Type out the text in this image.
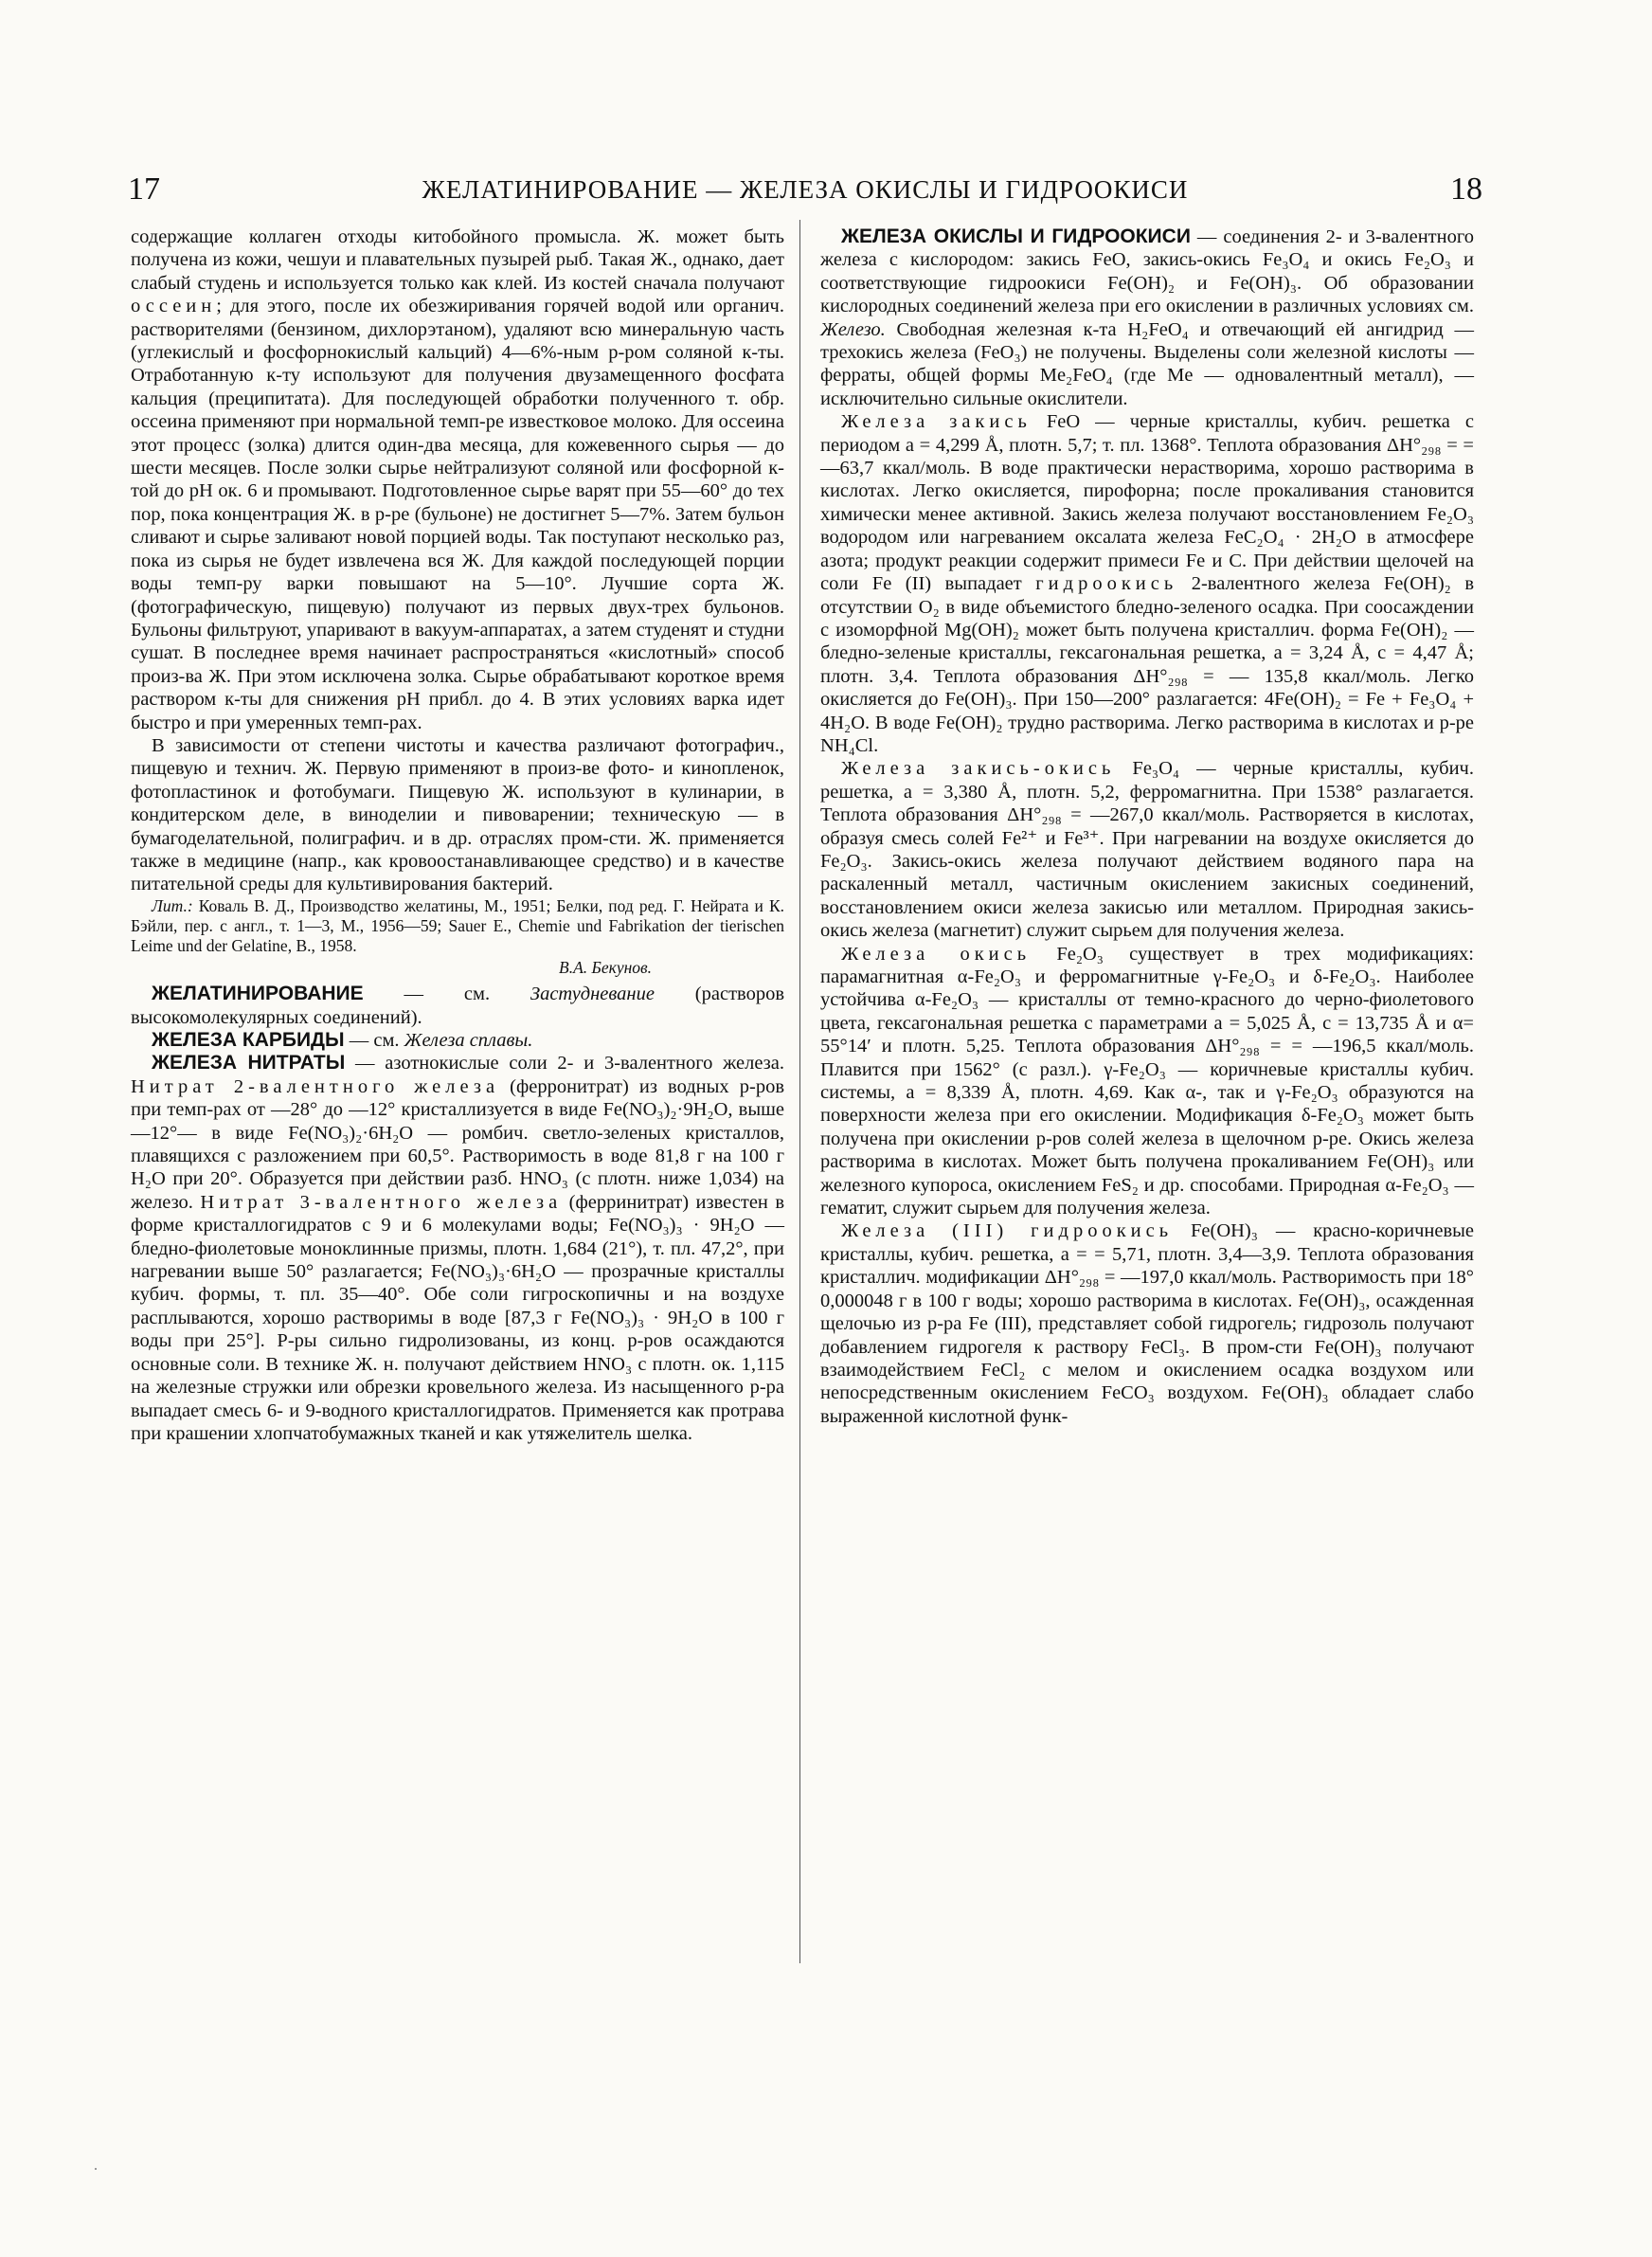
17	ЖЕЛАТИНИРОВАНИЕ — ЖЕЛЕЗА ОКИСЛЫ И ГИДРООКИСИ	18

содержащие коллаген отходы китобойного промысла. Ж. может быть получена из кожи, чешуи и плавательных пузырей рыб. Такая Ж., однако, дает слабый студень и используется только как клей. Из костей сначала получают оссеин; для этого, после их обезжиривания горячей водой или органич. растворителями (бензином, дихлорэтаном), удаляют всю минеральную часть (углекислый и фосфорнокислый кальций) 4—6%-ным р-ром соляной к-ты. Отработанную к-ту используют для получения двузамещенного фосфата кальция (преципитата). Для последующей обработки полученного т. обр. оссеина применяют при нормальной темп-ре известковое молоко. Для оссеина этот процесс (золка) длится один-два месяца, для кожевенного сырья — до шести месяцев. После золки сырье нейтрализуют соляной или фосфорной к-той до pH ок. 6 и промывают. Подготовленное сырье варят при 55—60° до тех пор, пока концентрация Ж. в р-ре (бульоне) не достигнет 5—7%. Затем бульон сливают и сырье заливают новой порцией воды. Так поступают несколько раз, пока из сырья не будет извлечена вся Ж. Для каждой последующей порции воды темп-ру варки повышают на 5—10°. Лучшие сорта Ж. (фотографическую, пищевую) получают из первых двух-трех бульонов. Бульоны фильтруют, упаривают в вакуум-аппаратах, а затем студенят и студни сушат. В последнее время начинает распространяться «кислотный» способ произ-ва Ж. При этом исключена золка. Сырье обрабатывают короткое время раствором к-ты для снижения pH прибл. до 4. В этих условиях варка идет быстро и при умеренных темп-рах.

В зависимости от степени чистоты и качества различают фотографич., пищевую и технич. Ж. Первую применяют в произ-ве фото- и кинопленок, фотопластинок и фотобумаги. Пищевую Ж. используют в кулинарии, в кондитерском деле, в виноделии и пивоварении; техническую — в бумагоделательной, полиграфич. и в др. отраслях пром-сти. Ж. применяется также в медицине (напр., как кровоостанавливающее средство) и в качестве питательной среды для культивирования бактерий.

Лит.: Коваль В. Д., Производство желатины, М., 1951; Белки, под ред. Г. Нейрата и К. Бэйли, пер. с англ., т. 1—3, М., 1956—59; Sauer E., Chemie und Fabrikation der tierischen Leime und der Gelatine, B., 1958.

В.А. Бекунов.

ЖЕЛАТИНИРОВАНИЕ — см. Застудневание (растворов высокомолекулярных соединений).

ЖЕЛЕЗА КАРБИДЫ — см. Железа сплавы.

ЖЕЛЕЗА НИТРАТЫ — азотнокислые соли 2- и 3-валентного железа. Нитрат 2-валентного железа (ферронитрат) из водных р-ров при темп-рах от —28° до —12° кристаллизуется в виде Fe(NO₃)₂·9H₂O, выше —12°— в виде Fe(NO₃)₂·6H₂O — ромбич. светло-зеленых кристаллов, плавящихся с разложением при 60,5°. Растворимость в воде 81,8 г на 100 г H₂O при 20°. Образуется при действии разб. HNO₃ (с плотн. ниже 1,034) на железо. Нитрат 3-валентного железа (ферринитрат) известен в форме кристаллогидратов с 9 и 6 молекулами воды; Fe(NO₃)₃ · 9H₂O — бледно-фиолетовые моноклинные призмы, плотн. 1,684 (21°), т. пл. 47,2°, при нагревании выше 50° разлагается; Fe(NO₃)₃·6H₂O — прозрачные кристаллы кубич. формы, т. пл. 35—40°. Обе соли гигроскопичны и на воздухе расплываются, хорошо растворимы в воде [87,3 г Fe(NO₃)₃ · 9H₂O в 100 г воды при 25°]. Р-ры сильно гидролизованы, из конц. р-ров осаждаются основные соли. В технике Ж. н. получают действием HNO₃ с плотн. ок. 1,115 на железные стружки или обрезки кровельного железа. Из насыщенного р-ра выпадает смесь 6- и 9-водного кристаллогидратов. Применяется как протрава при крашении хлопчатобумажных тканей и как утяжелитель шелка.

ЖЕЛЕЗА ОКИСЛЫ И ГИДРООКИСИ — соединения 2- и 3-валентного железа с кислородом: закись FeO, закись-окись Fe₃O₄ и окись Fe₂O₃ и соответствующие гидроокиси Fe(OH)₂ и Fe(OH)₃. Об образовании кислородных соединений железа при его окислении в различных условиях см. Железо. Свободная железная к-та H₂FeO₄ и отвечающий ей ангидрид — трехокись железа (FeO₃) не получены. Выделены соли железной кислоты — ферраты, общей формы Me₂FeO₄ (где Me — одновалентный металл), — исключительно сильные окислители.

Железа закись FeO — черные кристаллы, кубич. решетка с периодом a = 4,299 Å, плотн. 5,7; т. пл. 1368°. Теплота образования ΔH°₂₉₈ = = —63,7 ккал/моль. В воде практически нерастворима, хорошо растворима в кислотах. Легко окисляется, пирофорна; после прокаливания становится химически менее активной. Закись железа получают восстановлением Fe₂O₃ водородом или нагреванием оксалата железа FeC₂O₄ · 2H₂O в атмосфере азота; продукт реакции содержит примеси Fe и C. При действии щелочей на соли Fe (II) выпадает гидроокись 2-валентного железа Fe(OH)₂ в отсутствии O₂ в виде объемистого бледно-зеленого осадка. При соосаждении с изоморфной Mg(OH)₂ может быть получена кристаллич. форма Fe(OH)₂ — бледно-зеленые кристаллы, гексагональная решетка, a = 3,24 Å, c = 4,47 Å; плотн. 3,4. Теплота образования ΔH°₂₉₈ = — 135,8 ккал/моль. Легко окисляется до Fe(OH)₃. При 150—200° разлагается: 4Fe(OH)₂ = Fe + Fe₃O₄ + 4H₂O. В воде Fe(OH)₂ трудно растворима. Легко растворима в кислотах и р-ре NH₄Cl.

Железа закись-окись Fe₃O₄ — черные кристаллы, кубич. решетка, a = 3,380 Å, плотн. 5,2, ферромагнитна. При 1538° разлагается. Теплота образования ΔH°₂₉₈ = —267,0 ккал/моль. Растворяется в кислотах, образуя смесь солей Fe²⁺ и Fe³⁺. При нагревании на воздухе окисляется до Fe₂O₃. Закись-окись железа получают действием водяного пара на раскаленный металл, частичным окислением закисных соединений, восстановлением окиси железа закисью или металлом. Природная закись-окись железа (магнетит) служит сырьем для получения железа.

Железа окись Fe₂O₃ существует в трех модификациях: парамагнитная α-Fe₂O₃ и ферромагнитные γ-Fe₂O₃ и δ-Fe₂O₃. Наиболее устойчива α-Fe₂O₃ — кристаллы от темно-красного до черно-фиолетового цвета, гексагональная решетка с параметрами a = 5,025 Å, c = 13,735 Å и α= 55°14′ и плотн. 5,25. Теплота образования ΔH°₂₉₈ = = —196,5 ккал/моль. Плавится при 1562° (с разл.). γ-Fe₂O₃ — коричневые кристаллы кубич. системы, a = 8,339 Å, плотн. 4,69. Как α-, так и γ-Fe₂O₃ образуются на поверхности железа при его окислении. Модификация δ-Fe₂O₃ может быть получена при окислении р-ров солей железа в щелочном р-ре. Окись железа растворима в кислотах. Может быть получена прокаливанием Fe(OH)₃ или железного купороса, окислением FeS₂ и др. способами. Природная α-Fe₂O₃ — гематит, служит сырьем для получения железа.

Железа (III) гидроокись Fe(OH)₃ — красно-коричневые кристаллы, кубич. решетка, a = = 5,71, плотн. 3,4—3,9. Теплота образования кристаллич. модификации ΔH°₂₉₈ = —197,0 ккал/моль. Растворимость при 18° 0,000048 г в 100 г воды; хорошо растворима в кислотах. Fe(OH)₃, осажденная щелочью из р-ра Fe (III), представляет собой гидрогель; гидрозоль получают добавлением гидрогеля к раствору FeCl₃. В пром-сти Fe(OH)₃ получают взаимодействием FeCl₂ с мелом и окислением осадка воздухом или непосредственным окислением FeCO₃ воздухом. Fe(OH)₃ обладает слабо выраженной кислотной функ-
